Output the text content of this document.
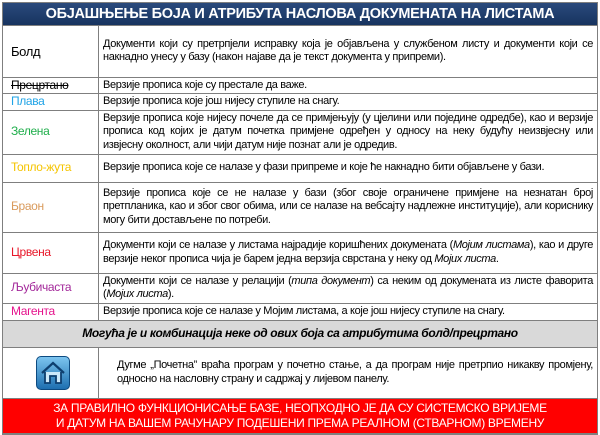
ОБЈАШЊЕЊЕ БОЈА И АТРИБУТА НАСЛОВА ДОКУМЕНАТА НА ЛИСТАМА
Болд	Документи који су претрпјели исправку која је објављена у службеном листу и документи који се накнадно унесу у базу (након најаве да је текст документа у припреми).
Прецртано	Верзије прописа које су престале да важе.
Плава	Верзије прописа које још нијесу ступиле на снагу.
Зелена	Верзије прописа које нијесу почеле да се примјењују (у цјелини или поједине одредбе), као и верзије прописа код којих је датум почетка примјене одређен у односу на неку будућу неизвјесну или извјесну околност, али чији датум није познат али је одредив.
Топло-жута	Верзије прописа које се налазе у фази припреме и које ће накнадно бити објављене у бази.
Браон	Верзије прописа које се не налазе у бази (због своје ограничене примјене на незнатан број претпланика, као и због свог обима, или се налазе на вебсајту надлежне институције), али кориснику могу бити достављене по потреби.
Црвена	Документи који се налазе у листама најрадије коришћених докумената (Мојим листама), као и друге верзије неког прописа чија је барем једна верзија сврстана у неку од Мојих листа.
Љубичаста	Документи који се налазе у релацији (типа документ) са неким од докумената из листе фаворита (Мојих листа).
Магента	Верзије прописа које се налазе у Мојим листама, а које још нијесу ступиле на снагу.
Могућа је и комбинација неке од ових боја са атрибутима болд/прецртано	

	Дугме „Почетна” враћа програм у почетно стање, а да програм није претрпио никакву промјену, односно на насловну страну и садржај у лијевом панелу.

ЗА ПРАВИЛНО ФУНКЦИОНИСАЊЕ БАЗЕ, НЕОПХОДНО ЈЕ ДА СУ СИСТЕМСКО ВРИЈЕМЕ
И ДАТУМ НА ВАШЕМ РАЧУНАРУ ПОДЕШЕНИ ПРЕМА РЕАЛНОМ (СТВАРНОМ) ВРЕМЕНУ	
